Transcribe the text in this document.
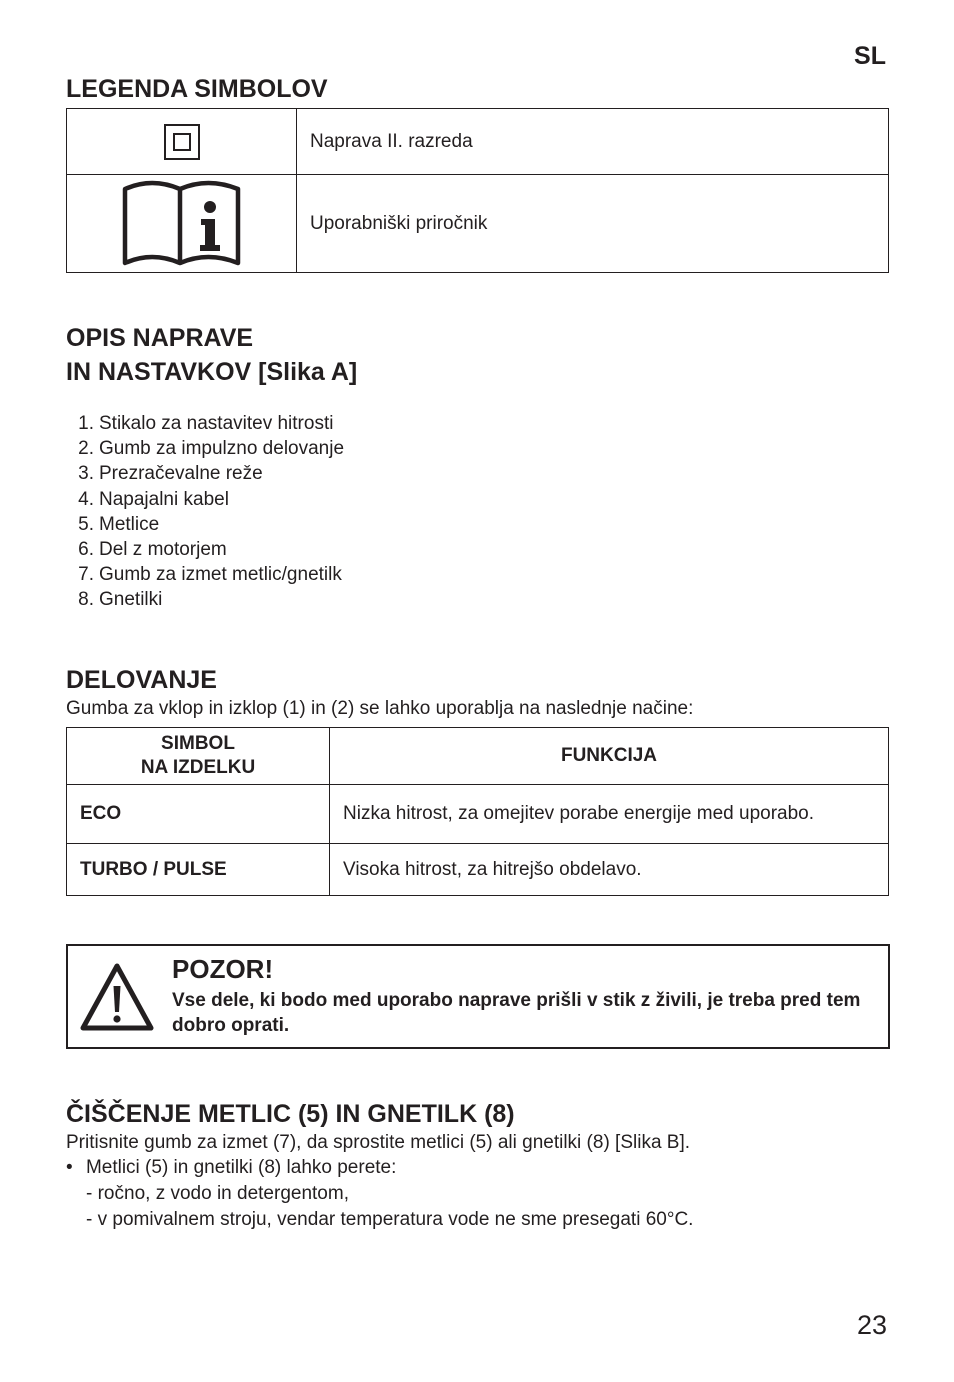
SL
LEGENDA SIMBOLOV
	Naprava II. razreda
	Uporabniški priročnik
OPIS NAPRAVE
IN NASTAVKOV [Slika A]
1. Stikalo za nastavitev hitrosti
2. Gumb za impulzno delovanje
3. Prezračevalne reže
4. Napajalni kabel
5. Metlice
6. Del z motorjem
7. Gumb za izmet metlic/gnetilk
8. Gnetilki
DELOVANJE
Gumba za vklop in izklop (1) in (2) se lahko uporablja na naslednje načine:
SIMBOL
NA IZDELKU	FUNKCIJA
ECO	Nizka hitrost, za omejitev porabe energije med uporabo.
TURBO / PULSE	Visoka hitrost, za hitrejšo obdelavo.
POZOR!
Vse dele, ki bodo med uporabo naprave prišli v stik z živili, je treba pred tem dobro oprati.
ČIŠČENJE METLIC (5) IN GNETILK (8)
Pritisnite gumb za izmet (7), da sprostite metlici (5) ali gnetilki (8) [Slika B].
• Metlici (5) in gnetilki (8) lahko perete:
- ročno, z vodo in detergentom,
- v pomivalnem stroju, vendar temperatura vode ne sme presegati 60°C.
23
